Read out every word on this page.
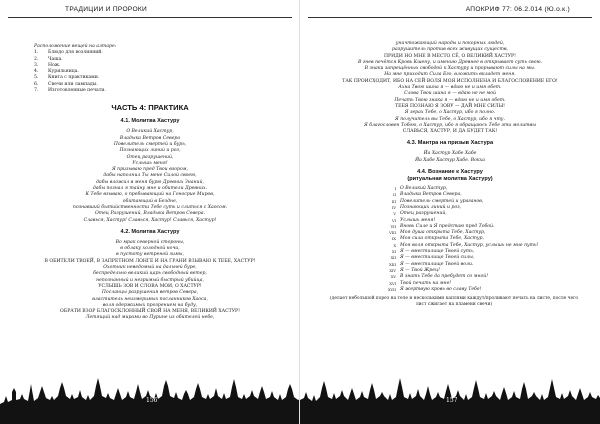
ТРАДИЦИИ И ПРОРОКИ
Расположение вещей на алтаре:
1.	Блюдо для возлияний.
2.	Чаша.
3.	Нож.
4.	Курильница.
5.	Книга с практиками.
6.	Свечи или лампады.
7.	Изготовленные печати.
ЧАСТЬ 4: ПРАКТИКА
4.1. Молитва Хастуру
О Великий Хастур,
Владыка Ветров Севера
Повелитель смертей и бурь,
Познающих линий и роз,
Отец разрушений,
Услышь меня!
Я призываю пред Твои взором,
дабы наполнил Ты мене Силой своею,
дабы вложил в меня бурю Древних Знаний,
дабы познал я тайну мне и обители Древних.
К Тебе взываю, о пребывающий на Гоносрие Миров,
обитающий в Бездне,
познавший бытийственности Тебе суть и слиться с Хаосом.
Отец Разрушений, Владыка Ветров Севера.
Славься, Хастур! Славься, Хастур! Славься, Хастур!
4.2. Молитва Хастуру
Во мрак северной стороны,
в облаку холодной ночи,
в пустоту ветреной зимы,
В ОБИТЕЛИ ТВОЕЙ, В ЗАПРЕТНОМ ЛОНГЕ И НА ГРАНИ ВЗЫВАЮ К ТЕБЕ, ХАСТУР!
Охотник неведомый на дальней буре,
беспредельно великий царь свободный ветер,
непознанный и незримый быстрый убийца,
УСЛЫШЬ ЗОВ И СЛОВА МОИ, О ХАСТУР!
Посланцы разрушения ветров Севера,
властитель неизмеримых посланников Хаоса,
воля одержимых прозрением на буду,
ОБРАТИ ВЗОР БЛАГОСКЛОННЫЙ СВОЙ НА МЕНЯ, ВЕЛИКИЙ ХАСТУР!
Летящий над мирами во Пурине из обителей небе,
156
АПОКРИФ 77: 06.2.014 (Ю.о.к.)
уничтожающий народы и покорных людей,
разрушитель против всех живущих существ,
ПРИДИ НО МНЕ В МЕСТО СЁ, О ВЕЛИКИЙ ХАСТУР!
В гнев печётся Кровь Кшену, и имению Древнее в открывает суть свою.
В знаки запрещённых свободой к Хастуру и прорывают силы на мы.
На мне приходит Сила Его, вложить вкладет меня.
ТАК ПРОИСХОДИТ, ИБО НА СЕЙ ВОЛЯ МОЯ ИСПОЛНЕНА И БЛАГОСЛОВЕНИЕ ЕГО!
Ахна Твою шина я — вдаю не и имя обет.
Слова Твои шина я — вдаю не не мой
Печать Твою знака я — вдаю не и имя обет.
ТЕБЯ ПОЗНАЮ Я ЗОВУ — ДАЙ МНЕ СИЛЫ!
Я зерах Тебе, о Хастур, ибо я полно.
Я получитель вы Тебе, о Хастур, ибо я чту.
Я благословен Тобою, о Хастур, ибо я обращаюсь Тебе эти молитвы
СЛАВЬСЯ, ХАСТУР, И ДА БУДЕТ ТАК!
4.3. Мантра на призыв Хастура
Йа Хастур Хабе Хабе
Йа Хабе Хастур Хабе. Вокха
4.4. Вознание к Хастуру
(ритуальная молитва Хастуру)
I О Великий Хастур,
II Владыка Ветров Севера,
III Повелитель смертей и ураганов,
IV Познающих линий и роз,
V Отец разрушений,
VI Услышь меня!
VII Вновь Силе и Я предстаю пред Тобой.
VIII Моя душа открыта Тебе, Хастур,
IX Моя сила открыта Тебе, Хастур,
X Моя воля открыта Тебе, Хастур, услышь не мне путь!
XI Я — вместилище Твоей суть,
XII Я — вместилище Твоей силы,
XIII Я — вместилище Твоей воли.
XIV Я — Твой Жрец!
XV В знать Тебе да пребудет со мной!
XVI Твой печать на мне!
XVII Я жертвую кровь во славу Тебе!
(делает небольшой порез на теле и несколькими каплями каждут/проливают печать на листе, после чего лист сжигает на пламени свечи)
157
